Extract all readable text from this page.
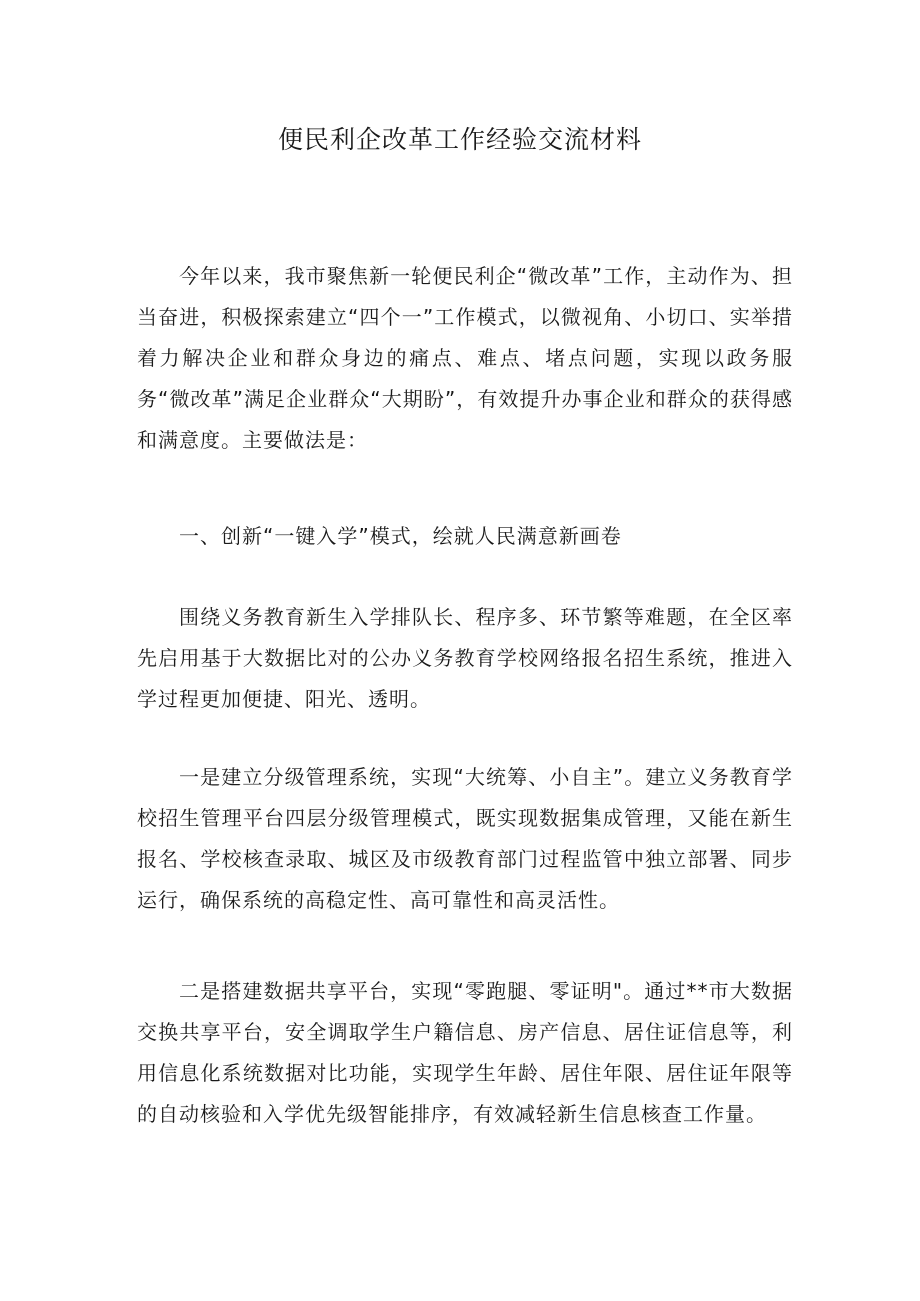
便民利企改革工作经验交流材料

今年以来，我市聚焦新一轮便民利企“微改革”工作，主动作为、担当奋进，积极探索建立“四个一”工作模式，以微视角、小切口、实举措着力解决企业和群众身边的痛点、难点、堵点问题，实现以政务服务“微改革”满足企业群众“大期盼”，有效提升办事企业和群众的获得感和满意度。主要做法是：

一、创新“一键入学”模式，绘就人民满意新画卷

围绕义务教育新生入学排队长、程序多、环节繁等难题，在全区率先启用基于大数据比对的公办义务教育学校网络报名招生系统，推进入学过程更加便捷、阳光、透明。

一是建立分级管理系统，实现“大统筹、小自主”。建立义务教育学校招生管理平台四层分级管理模式，既实现数据集成管理，又能在新生报名、学校核查录取、城区及市级教育部门过程监管中独立部署、同步运行，确保系统的高稳定性、高可靠性和高灵活性。

二是搭建数据共享平台，实现“零跑腿、零证明"。通过**市大数据交换共享平台，安全调取学生户籍信息、房产信息、居住证信息等，利用信息化系统数据对比功能，实现学生年龄、居住年限、居住证年限等的自动核验和入学优先级智能排序，有效减轻新生信息核查工作量。
